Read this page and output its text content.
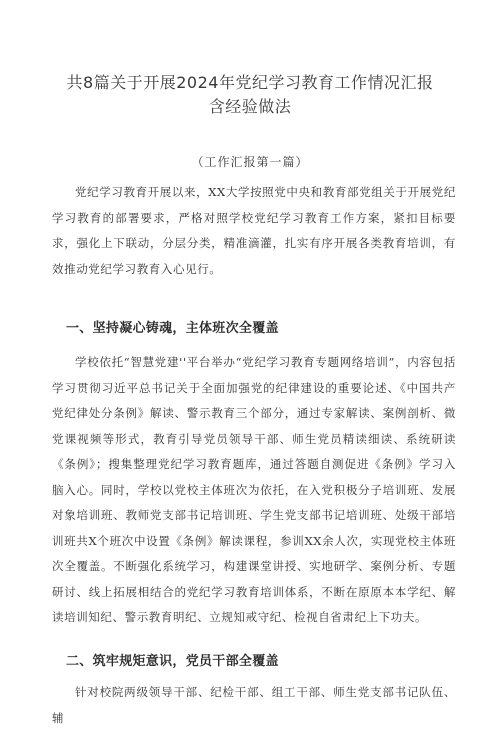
共8篇关于开展2024年党纪学习教育工作情况汇报
含经验做法
（工作汇报第一篇）

党纪学习教育开展以来，XX大学按照党中央和教育部党组关于开展党纪学习教育的部署要求，严格对照学校党纪学习教育工作方案，紧扣目标要求，强化上下联动，分层分类，精准滴灌，扎实有序开展各类教育培训，有效推动党纪学习教育入心见行。

一、坚持凝心铸魂，主体班次全覆盖

学校依托“智慧党建''平台举办“党纪学习教育专题网络培训”，内容包括学习贯彻习近平总书记关于全面加强党的纪律建设的重要论述、《中国共产党纪律处分条例》解读、警示教育三个部分，通过专家解读、案例剖析、微党课视频等形式，教育引导党员领导干部、师生党员精读细读、系统研读《条例》；搜集整理党纪学习教育题库，通过答题自测促进《条例》学习入脑入心。同时，学校以党校主体班次为依托，在入党积极分子培训班、发展对象培训班、教师党支部书记培训班、学生党支部书记培训班、处级干部培训班共X个班次中设置《条例》解读课程，参训XX余人次，实现党校主体班次全覆盖。不断强化系统学习，构建课堂讲授、实地研学、案例分析、专题研讨、线上拓展相结合的党纪学习教育培训体系，不断在原原本本学纪、解读培训知纪、警示教育明纪、立规知戒守纪、检视自省肃纪上下功夫。

二、筑牢规矩意识，党员干部全覆盖

针对校院两级领导干部、纪检干部、组工干部、师生党支部书记队伍、辅
